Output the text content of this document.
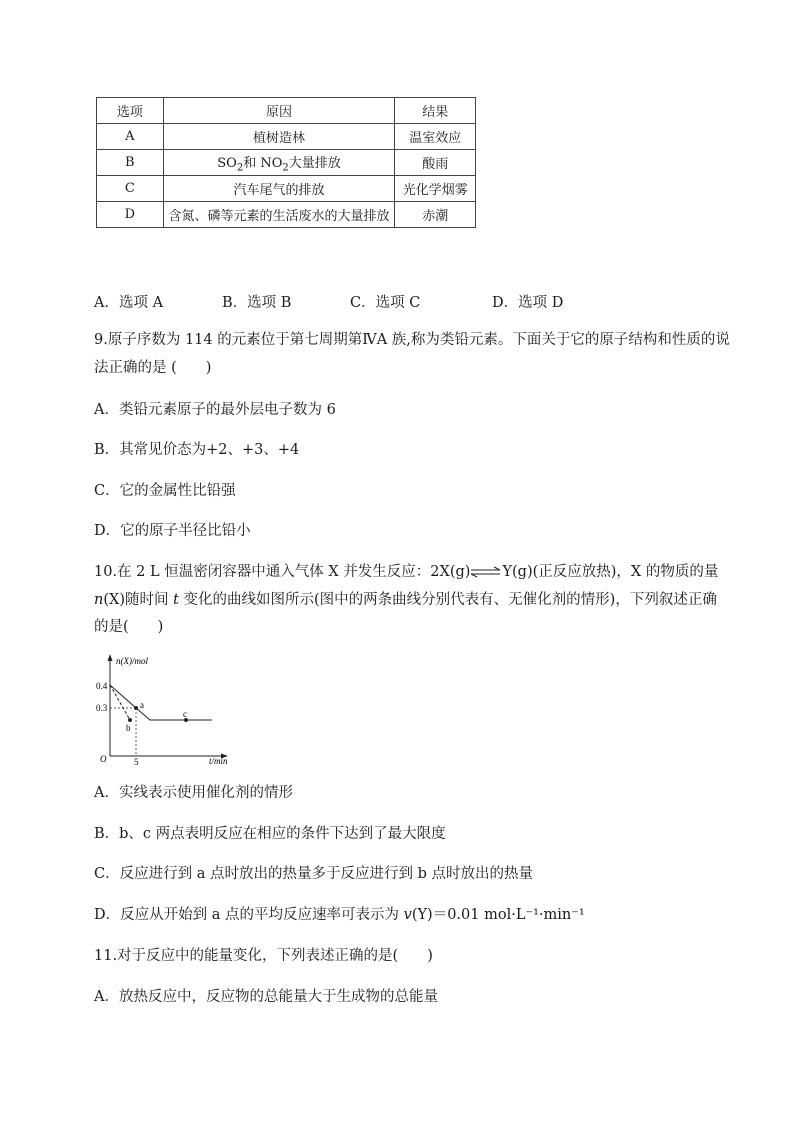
选项	原因	结果
A	植树造林	温室效应
B	$SO_2$和 $NO_2$大量排放	酸雨
C	汽车尾气的排放	光化学烟雾
D	含氮、磷等元素的生活废水的大量排放	赤潮
A．选项 A	B．选项 B	C．选项 C	D．选项 D
9.原子序数为 114 的元素位于第七周期第ⅣA 族,称为类铅元素。下面关于它的原子结构和性质的说
法正确的是 (　　)
A．类铅元素原子的最外层电子数为 6
B．其常见价态为+2、+3、+4
C．它的金属性比铅强
D．它的原子半径比铅小
10.在 2 L 恒温密闭容器中通入气体 X 并发生反应：2X(g)⇌Y(g)(正反应放热)，X 的物质的量
n(X)随时间 t 变化的曲线如图所示(图中的两条曲线分别代表有、无催化剂的情形)，下列叙述正确
的是(　　)
n(X)/mol
t/min
O
0.4
0.3
5
a
b
c
A．实线表示使用催化剂的情形
B．b、c 两点表明反应在相应的条件下达到了最大限度
C．反应进行到 a 点时放出的热量多于反应进行到 b 点时放出的热量
D．反应从开始到 a 点的平均反应速率可表示为 v(Y)＝0.01 mol·L⁻¹·min⁻¹
11.对于反应中的能量变化，下列表述正确的是(　　)
A．放热反应中，反应物的总能量大于生成物的总能量
